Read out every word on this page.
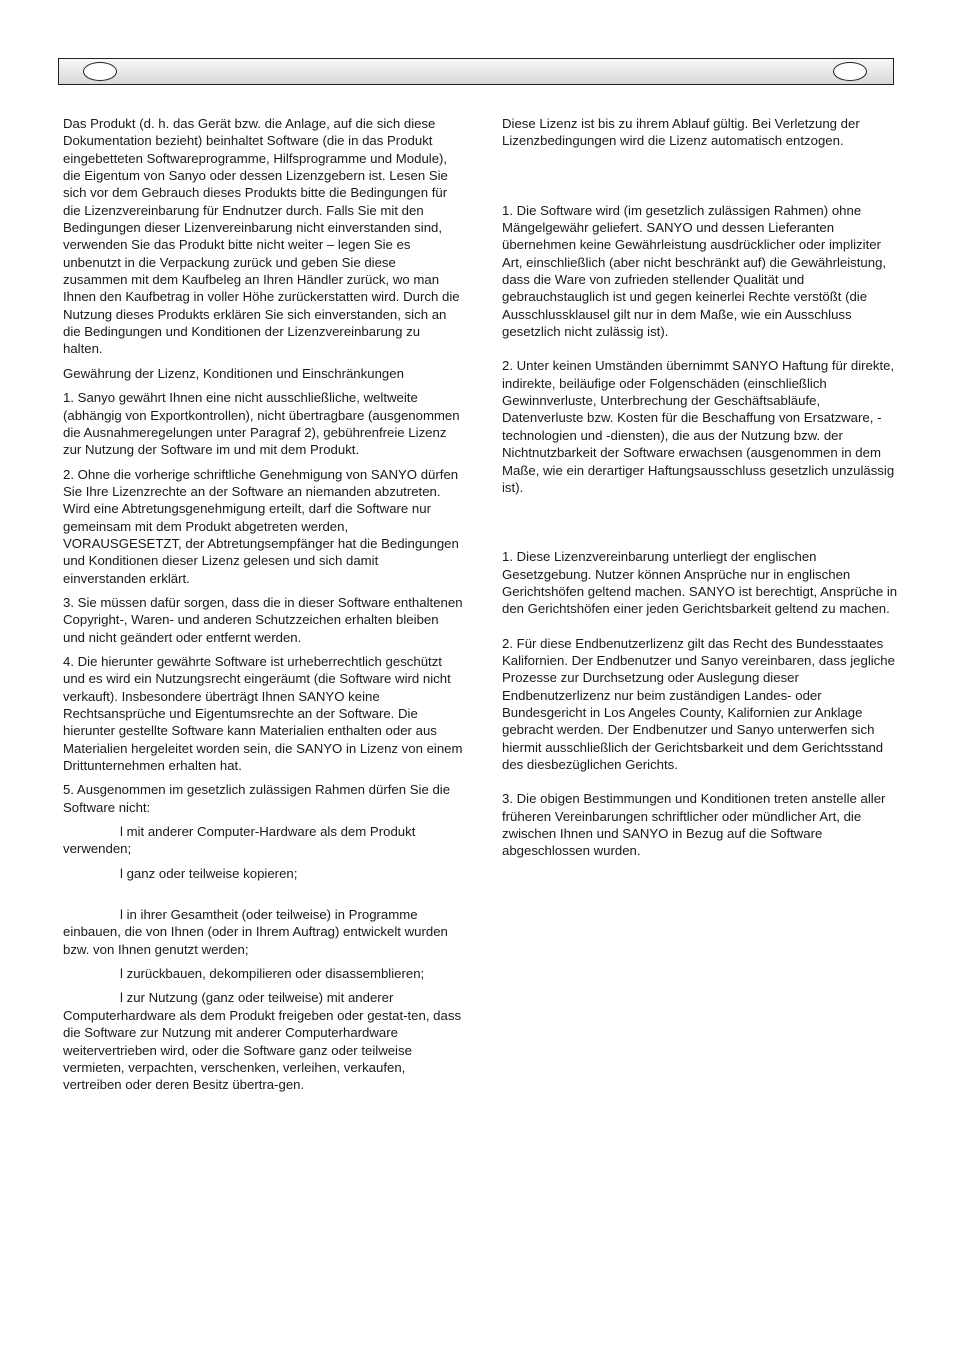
Das Produkt (d. h. das Gerät bzw. die Anlage, auf die sich diese Dokumentation bezieht) beinhaltet Software (die in das Produkt eingebetteten Softwareprogramme, Hilfsprogramme und Module), die Eigentum von Sanyo oder dessen Lizenzgebern ist. Lesen Sie sich vor dem Gebrauch dieses Produkts bitte die Bedingungen für die Lizenzvereinbarung für Endnutzer durch. Falls Sie mit den Bedingungen dieser Lizenvereinbarung nicht einverstanden sind, verwenden Sie das Produkt bitte nicht weiter – legen Sie es unbenutzt in die Verpackung zurück und geben Sie diese zusammen mit dem Kaufbeleg an Ihren Händler zurück, wo man Ihnen den Kaufbetrag in voller Höhe zurückerstatten wird. Durch die Nutzung dieses Produkts erklären Sie sich einverstanden, sich an die Bedingungen und Konditionen der Lizenzvereinbarung zu halten.

Gewährung der Lizenz, Konditionen und Einschränkungen

1. Sanyo gewährt Ihnen eine nicht ausschließliche, weltweite (abhängig von Exportkontrollen), nicht übertragbare (ausgenommen die Ausnahmeregelungen unter Paragraf 2), gebührenfreie Lizenz zur Nutzung der Software im und mit dem Produkt.

2. Ohne die vorherige schriftliche Genehmigung von SANYO dürfen Sie Ihre Lizenzrechte an der Software an niemanden abzutreten. Wird eine Abtretungsgenehmigung erteilt, darf die Software nur gemeinsam mit dem Produkt abgetreten werden, VORAUSGESETZT, der Abtretungsempfänger hat die Bedingungen und Konditionen dieser Lizenz gelesen und sich damit einverstanden erklärt.

3. Sie müssen dafür sorgen, dass die in dieser Software enthaltenen Copyright-, Waren- und anderen Schutzzeichen erhalten bleiben und nicht geändert oder entfernt werden.

4. Die hierunter gewährte Software ist urheberrechtlich geschützt und es wird ein Nutzungsrecht eingeräumt (die Software wird nicht verkauft). Insbesondere überträgt Ihnen SANYO keine Rechtsansprüche und Eigentumsrechte an der Software. Die hierunter gestellte Software kann Materialien enthalten oder aus Materialien hergeleitet worden sein, die SANYO in Lizenz von einem Drittunternehmen erhalten hat.

5. Ausgenommen im gesetzlich zulässigen Rahmen dürfen Sie die Software nicht:

l mit anderer Computer-Hardware als dem Produkt verwenden;

l ganz oder teilweise kopieren;

l in ihrer Gesamtheit (oder teilweise) in Programme einbauen, die von Ihnen (oder in Ihrem Auftrag) entwickelt wurden bzw. von Ihnen genutzt werden;

l zurückbauen, dekompilieren oder disassemblieren;

l zur Nutzung (ganz oder teilweise) mit anderer Computerhardware als dem Produkt freigeben oder gestat-ten, dass die Software zur Nutzung mit anderer Computerhardware weitervertrieben wird, oder die Software ganz oder teilweise vermieten, verpachten, verschenken, verleihen, verkaufen, vertreiben oder deren Besitz übertra-gen.

Diese Lizenz ist bis zu ihrem Ablauf gültig. Bei Verletzung der Lizenzbedingungen wird die Lizenz automatisch entzogen.

1. Die Software wird (im gesetzlich zulässigen Rahmen) ohne Mängelgewähr geliefert. SANYO und dessen Lieferanten übernehmen keine Gewährleistung ausdrücklicher oder impliziter Art, einschließlich (aber nicht beschränkt auf) die Gewährleistung, dass die Ware von zufrieden stellender Qualität und gebrauchstauglich ist und gegen keinerlei Rechte verstößt (die Ausschlussklausel gilt nur in dem Maße, wie ein Ausschluss gesetzlich nicht zulässig ist).

2. Unter keinen Umständen übernimmt SANYO Haftung für direkte, indirekte, beiläufige oder Folgenschäden (einschließlich Gewinnverluste, Unterbrechung der Geschäftsabläufe, Datenverluste bzw. Kosten für die Beschaffung von Ersatzware, -technologien und -diensten), die aus der Nutzung bzw. der Nichtnutzbarkeit der Software erwachsen (ausgenommen in dem Maße, wie ein derartiger Haftungsausschluss gesetzlich unzulässig ist).

1. Diese Lizenzvereinbarung unterliegt der englischen Gesetzgebung. Nutzer können Ansprüche nur in englischen Gerichtshöfen geltend machen. SANYO ist berechtigt, Ansprüche in den Gerichtshöfen einer jeden Gerichtsbarkeit geltend zu machen.

2. Für diese Endbenutzerlizenz gilt das Recht des Bundesstaates Kalifornien. Der Endbenutzer und Sanyo vereinbaren, dass jegliche Prozesse zur Durchsetzung oder Auslegung dieser Endbenutzerlizenz nur beim zuständigen Landes- oder Bundesgericht in Los Angeles County, Kalifornien zur Anklage gebracht werden. Der Endbenutzer und Sanyo unterwerfen sich hiermit ausschließlich der Gerichtsbarkeit und dem Gerichtsstand des diesbezüglichen Gerichts.

3. Die obigen Bestimmungen und Konditionen treten anstelle aller früheren Vereinbarungen schriftlicher oder mündlicher Art, die zwischen Ihnen und SANYO in Bezug auf die Software abgeschlossen wurden.
